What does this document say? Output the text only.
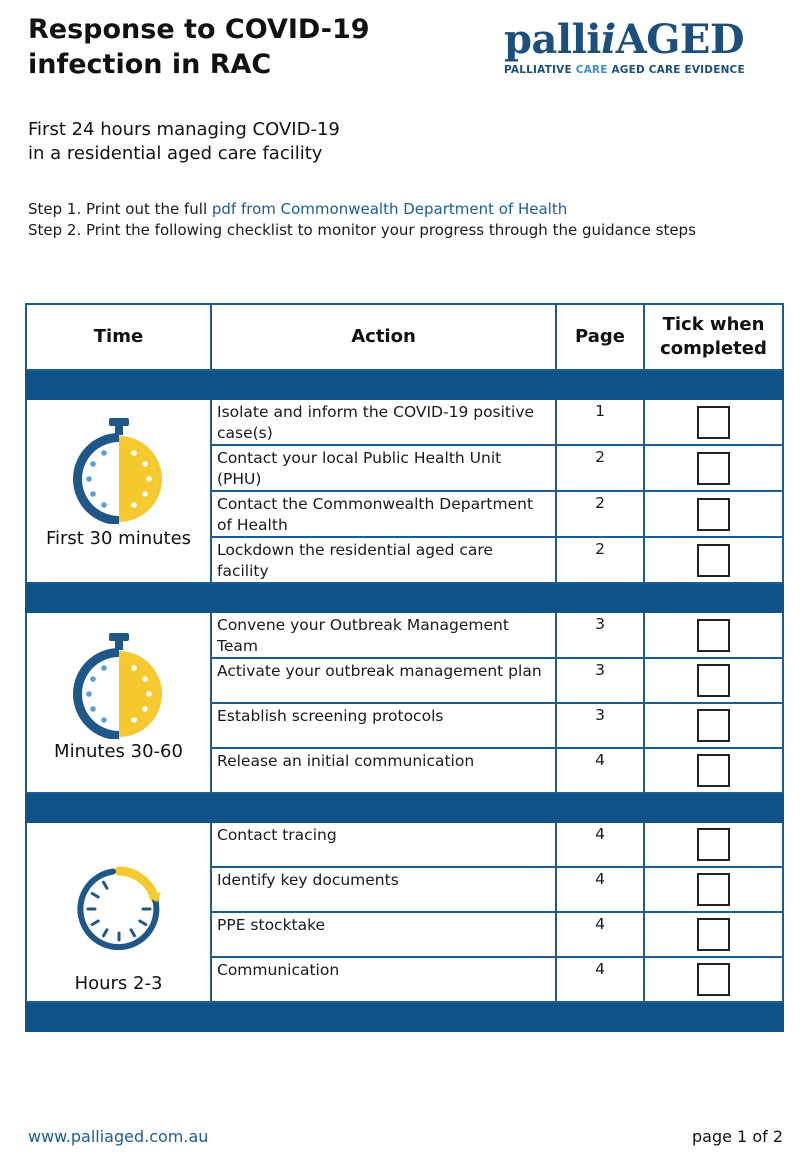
Response to COVID-19
infection in RAC
palliiAGED
PALLIATIVE CARE AGED CARE EVIDENCE
First 24 hours managing COVID-19
in a residential aged care facility
Step 1. Print out the full pdf from Commonwealth Department of Health
Step 2. Print the following checklist to monitor your progress through the guidance steps
Time	Action	Page	Tick when
completed

First 30 minutes	Isolate and inform the COVID-19 positive case(s)	1	
	Contact your local Public Health Unit (PHU)	2	
	Contact the Commonwealth Department of Health	2	
	Lockdown the residential aged care facility	2	

Minutes 30-60	Convene your Outbreak Management Team	3	
	Activate your outbreak management plan	3	
	Establish screening protocols	3	
	Release an initial communication	4	

Hours 2-3	Contact tracing	4	
	Identify key documents	4	
	PPE stocktake	4	
	Communication	4	

www.palliaged.com.au	page 1 of 2
